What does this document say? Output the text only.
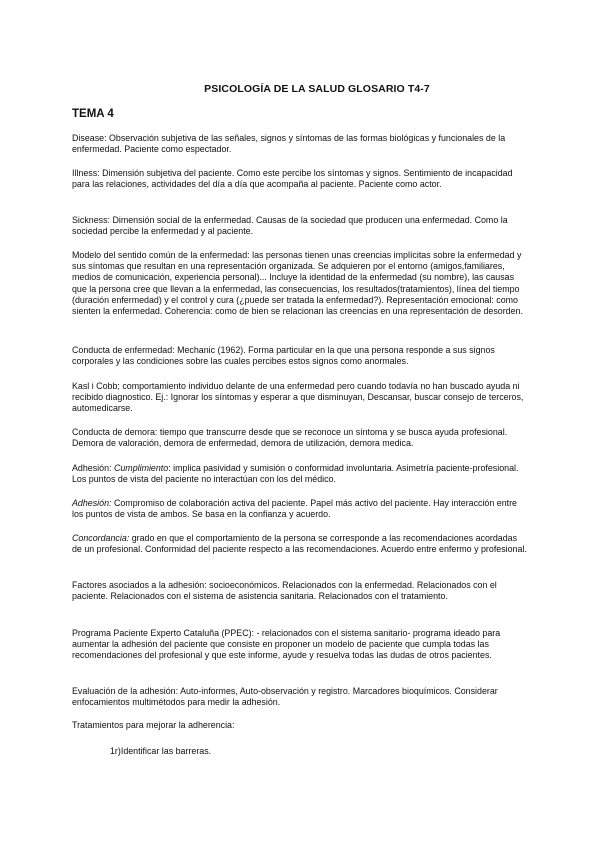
PSICOLOGÍA DE LA SALUD GLOSARIO T4-7
TEMA 4
Disease: Observación subjetiva de las señales, signos y síntomas de las formas biológicas y funcionales de la enfermedad. Paciente como espectador.
Illness: Dimensión subjetiva del paciente. Como este percibe los síntomas y signos. Sentimiento de incapacidad para las relaciones, actividades del día a día que acompaña al paciente. Paciente como actor.
Sickness: Dimensión social de la enfermedad. Causas de la sociedad que producen una enfermedad. Como la sociedad percibe la enfermedad y al paciente.
Modelo del sentido común de la enfermedad: las personas tienen unas creencias implícitas sobre la enfermedad y sus síntomas que resultan en una representación organizada. Se adquieren por el entorno (amigos,familiares, medios de comunicación, experiencia personal)... Incluye la identidad de la enfermedad (su nombre), las causas que la persona cree que llevan a la enfermedad, las consecuencias, los resultados(tratamientos), línea del tiempo (duración enfermedad) y el control y cura (¿puede ser tratada la enfermedad?). Representación emocional: como sienten la enfermedad. Coherencia: como de bien se relacionan las creencias en una representación de desorden.
Conducta de enfermedad: Mechanic (1962). Forma particular en la que una persona responde a sus signos corporales y las condiciones sobre las cuales percibes estos signos como anormales.
Kasl i Cobb; comportamiento individuo delante de una enfermedad pero cuando todavía no han buscado ayuda ni recibido diagnostico. Ej.: Ignorar los síntomas y esperar a que disminuyan, Descansar, buscar consejo de terceros, automedicarse.
Conducta de demora: tiempo que transcurre desde que se reconoce un síntoma y se busca ayuda profesional. Demora de valoración, demora de enfermedad, demora de utilización, demora medica.
Adhesión: Cumplimiento: implica pasividad y sumisión o conformidad involuntaria. Asimetría paciente-profesional. Los puntos de vista del paciente no interactúan con los del médico.
Adhesión: Compromiso de colaboración activa del paciente. Papel más activo del paciente. Hay interacción entre los puntos de vista de ambos. Se basa en la confianza y acuerdo.
Concordancia: grado en que el comportamiento de la persona se corresponde a las recomendaciones acordadas de un profesional. Conformidad del paciente respecto a las recomendaciones. Acuerdo entre enfermo y profesional.
Factores asociados a la adhesión: socioeconómicos. Relacionados con la enfermedad. Relacionados con el paciente. Relacionados con el sistema de asistencia sanitaria. Relacionados con el tratamiento.
Programa Paciente Experto Cataluña (PPEC): - relacionados con el sistema sanitario- programa ideado para aumentar la adhesión del paciente que consiste en proponer un modelo de paciente que cumpla todas las recomendaciones del profesional y que este informe, ayude y resuelva todas las dudas de otros pacientes.
Evaluación de la adhesión: Auto-informes, Auto-observación y registro. Marcadores bioquímicos. Considerar enfocamientos multimétodos para medir la adhesión.
Tratamientos para mejorar la adherencia:
1r)Identificar las barreras.
